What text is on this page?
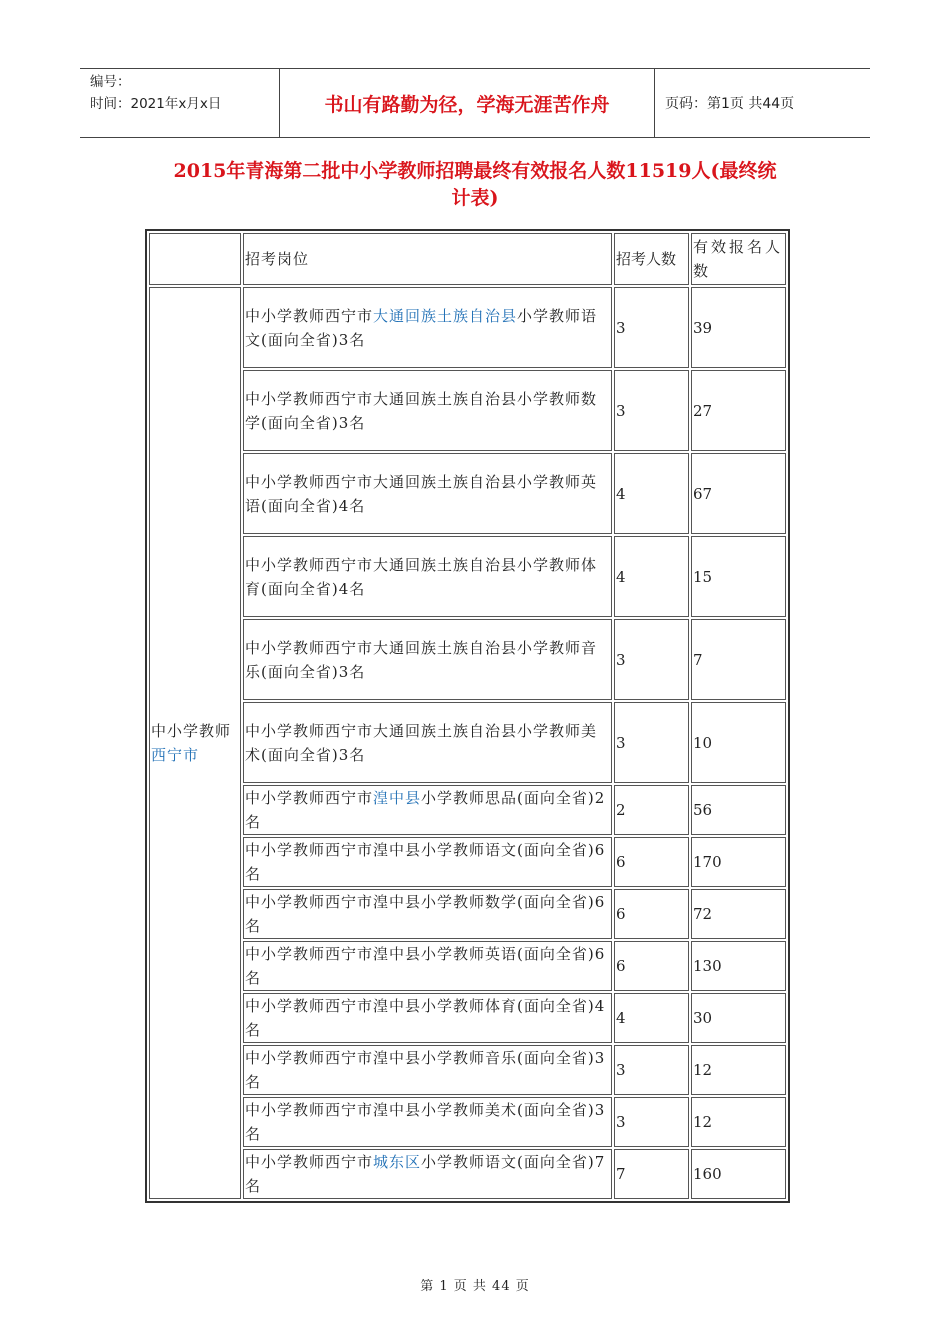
编号：
时间：2021年x月x日	书山有路勤为径，学海无涯苦作舟	页码：第1页 共44页
2015年青海第二批中小学教师招聘最终有效报名人数11519人(最终统
计表)
	招考岗位	招考人数	有效报名人数
中小学教师西宁市	中小学教师西宁市大通回族土族自治县小学教师语文(面向全省)3名	3	39
	中小学教师西宁市大通回族土族自治县小学教师数学(面向全省)3名	3	27
	中小学教师西宁市大通回族土族自治县小学教师英语(面向全省)4名	4	67
	中小学教师西宁市大通回族土族自治县小学教师体育(面向全省)4名	4	15
	中小学教师西宁市大通回族土族自治县小学教师音乐(面向全省)3名	3	7
	中小学教师西宁市大通回族土族自治县小学教师美术(面向全省)3名	3	10
	中小学教师西宁市湟中县小学教师思品(面向全省)2名	2	56
	中小学教师西宁市湟中县小学教师语文(面向全省)6名	6	170
	中小学教师西宁市湟中县小学教师数学(面向全省)6名	6	72
	中小学教师西宁市湟中县小学教师英语(面向全省)6名	6	130
	中小学教师西宁市湟中县小学教师体育(面向全省)4名	4	30
	中小学教师西宁市湟中县小学教师音乐(面向全省)3名	3	12
	中小学教师西宁市湟中县小学教师美术(面向全省)3名	3	12
	中小学教师西宁市城东区小学教师语文(面向全省)7名	7	160
第 1 页 共 44 页
